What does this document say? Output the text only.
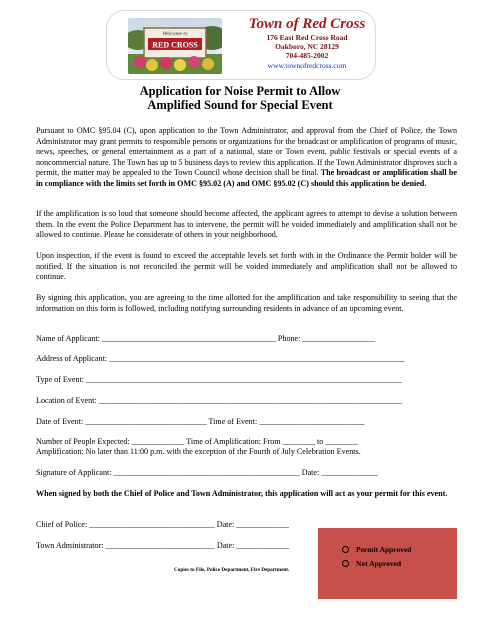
Welcome to
RED CROSS
Town of Red Cross
176 East Red Cross Road
Oakboro, NC 28129
704-485-2002
www.townofredcross.com
Application for Noise Permit to Allow
Amplified Sound for Special Event
Pursuant to OMC §95.04 (C), upon application to the Town Administrator, and approval from the Chief of Police, the Town Administrator may grant permits to responsible persons or organizations for the broadcast or amplification of programs of music, news, speeches, or general entertainment as a part of a national, state or Town event, public festivals or special events of a noncommercial nature. The Town has up to 5 business days to review this application. If the Town Administrator disproves such a permit, the matter may be appealed to the Town Council whose decision shall be final. The broadcast or amplification shall be in compliance with the limits set forth in OMC §95.02 (A) and OMC §95.02 (C) should this application be denied.
If the amplification is so loud that someone should become affected, the applicant agrees to attempt to devise a solution between them. In the event the Police Department has to intervene, the permit will be voided immediately and amplification shall not be allowed to continue. Please be considerate of others in your neighborhood.
Upon inspection, if the event is found to exceed the acceptable levels set forth with in the Ordinance the Permit holder will be notified. If the situation is not reconciled the permit will be voided immediately and amplification shall not be allowed to continue.
By signing this application, you are agreeing to the time allotted for the amplification and take responsibility to seeing that the information on this form is followed, including notifying surrounding residents in advance of an upcoming event.
Name of Applicant: ___________________________________________ Phone: __________________
Address of Applicant: _________________________________________________________________________
Type of Event: ______________________________________________________________________________
Location of Event: ___________________________________________________________________________
Date of Event: ______________________________ Time of Event: __________________________
Number of People Expected: _____________ Time of Amplification: From ________ to ________
Amplification: No later than 11:00 p.m. with the exception of the Fourth of July Celebration Events.
Signature of Applicant: ______________________________________________ Date: ______________
When signed by both the Chief of Police and Town Administrator, this application will act as your permit for this event.
Chief of Police: _______________________________ Date: _____________
Town Administrator: ___________________________ Date: _____________	Permit Approved
Not Approved
Copies to File, Police Department, Fire Department.
